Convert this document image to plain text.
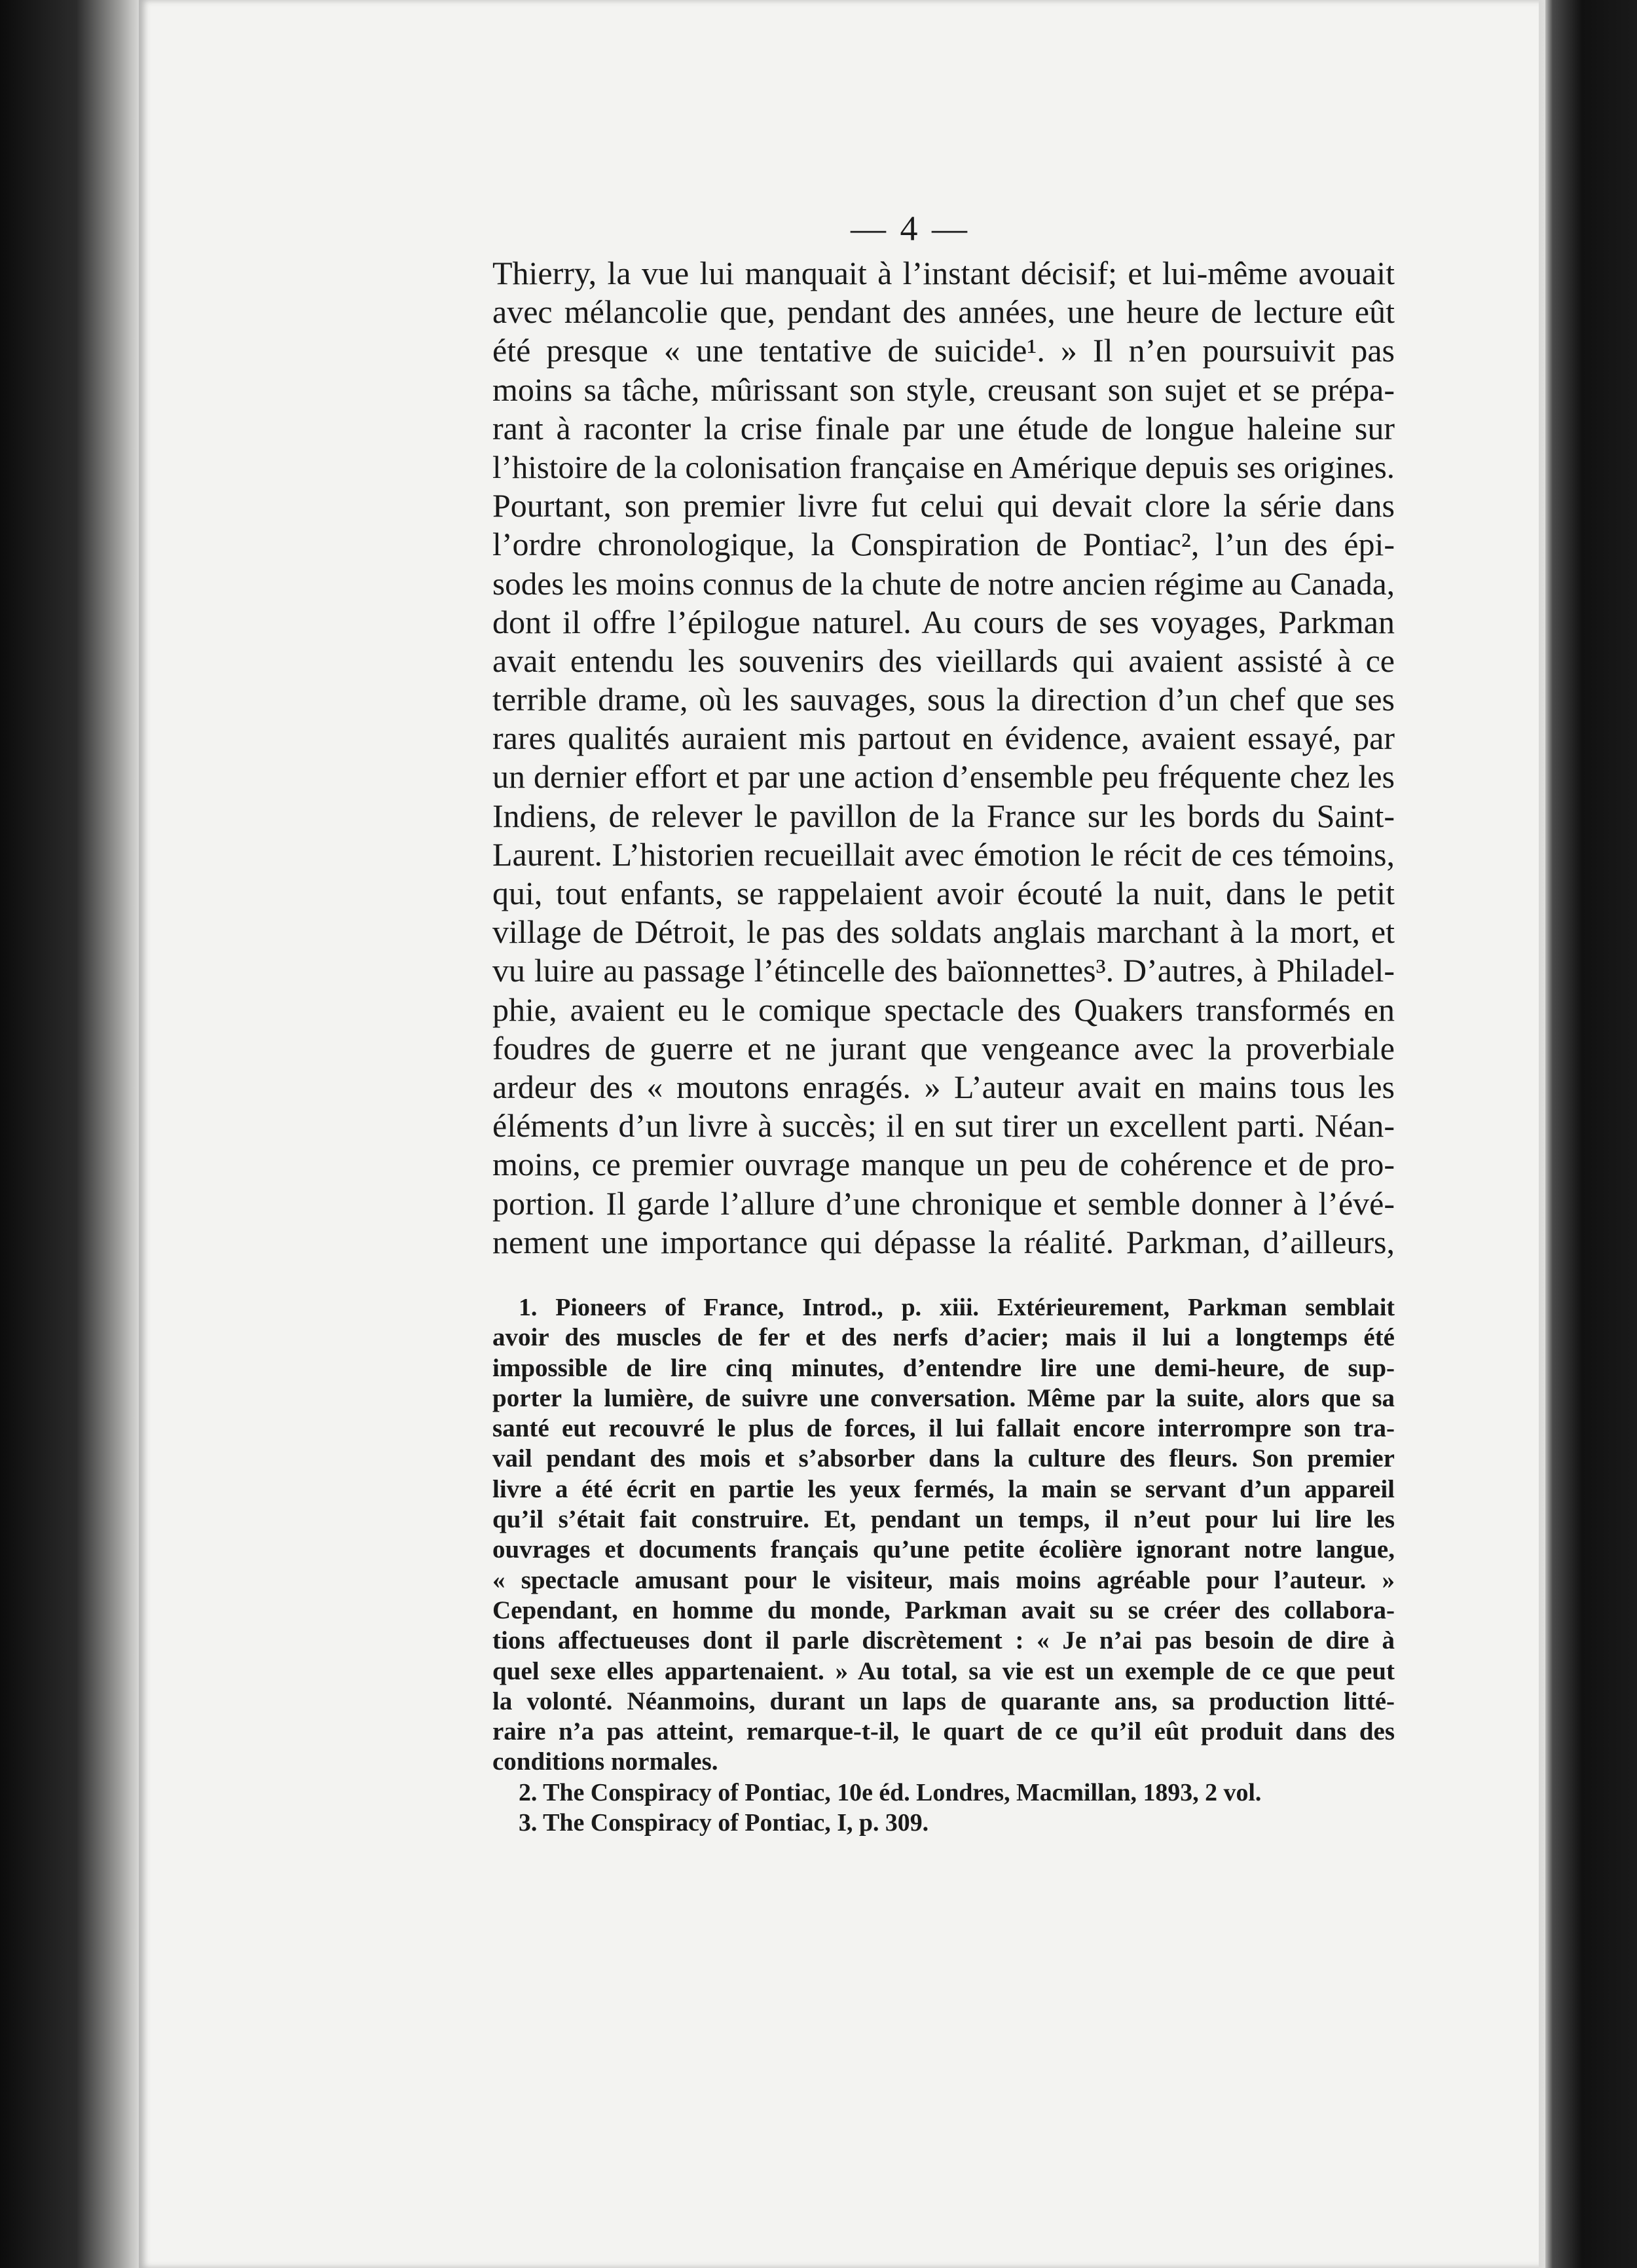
— 4 —
Thierry, la vue lui manquait à l’instant décisif; et lui-même avouait
avec mélancolie que, pendant des années, une heure de lecture eût
été presque « une tentative de suicide¹. » Il n’en poursuivit pas
moins sa tâche, mûrissant son style, creusant son sujet et se prépa-
rant à raconter la crise finale par une étude de longue haleine sur
l’histoire de la colonisation française en Amérique depuis ses origines.
Pourtant, son premier livre fut celui qui devait clore la série dans
l’ordre chronologique, la Conspiration de Pontiac², l’un des épi-
sodes les moins connus de la chute de notre ancien régime au Canada,
dont il offre l’épilogue naturel. Au cours de ses voyages, Parkman
avait entendu les souvenirs des vieillards qui avaient assisté à ce
terrible drame, où les sauvages, sous la direction d’un chef que ses
rares qualités auraient mis partout en évidence, avaient essayé, par
un dernier effort et par une action d’ensemble peu fréquente chez les
Indiens, de relever le pavillon de la France sur les bords du Saint-
Laurent. L’historien recueillait avec émotion le récit de ces témoins,
qui, tout enfants, se rappelaient avoir écouté la nuit, dans le petit
village de Détroit, le pas des soldats anglais marchant à la mort, et
vu luire au passage l’étincelle des baïonnettes³. D’autres, à Philadel-
phie, avaient eu le comique spectacle des Quakers transformés en
foudres de guerre et ne jurant que vengeance avec la proverbiale
ardeur des « moutons enragés. » L’auteur avait en mains tous les
éléments d’un livre à succès; il en sut tirer un excellent parti. Néan-
moins, ce premier ouvrage manque un peu de cohérence et de pro-
portion. Il garde l’allure d’une chronique et semble donner à l’évé-
nement une importance qui dépasse la réalité. Parkman, d’ailleurs,
1. Pioneers of France, Introd., p. xiii. Extérieurement, Parkman semblait
avoir des muscles de fer et des nerfs d’acier; mais il lui a longtemps été
impossible de lire cinq minutes, d’entendre lire une demi-heure, de sup-
porter la lumière, de suivre une conversation. Même par la suite, alors que sa
santé eut recouvré le plus de forces, il lui fallait encore interrompre son tra-
vail pendant des mois et s’absorber dans la culture des fleurs. Son premier
livre a été écrit en partie les yeux fermés, la main se servant d’un appareil
qu’il s’était fait construire. Et, pendant un temps, il n’eut pour lui lire les
ouvrages et documents français qu’une petite écolière ignorant notre langue,
« spectacle amusant pour le visiteur, mais moins agréable pour l’auteur. »
Cependant, en homme du monde, Parkman avait su se créer des collabora-
tions affectueuses dont il parle discrètement : « Je n’ai pas besoin de dire à
quel sexe elles appartenaient. » Au total, sa vie est un exemple de ce que peut
la volonté. Néanmoins, durant un laps de quarante ans, sa production litté-
raire n’a pas atteint, remarque-t-il, le quart de ce qu’il eût produit dans des
conditions normales.
2. The Conspiracy of Pontiac, 10e éd. Londres, Macmillan, 1893, 2 vol.
3. The Conspiracy of Pontiac, I, p. 309.
